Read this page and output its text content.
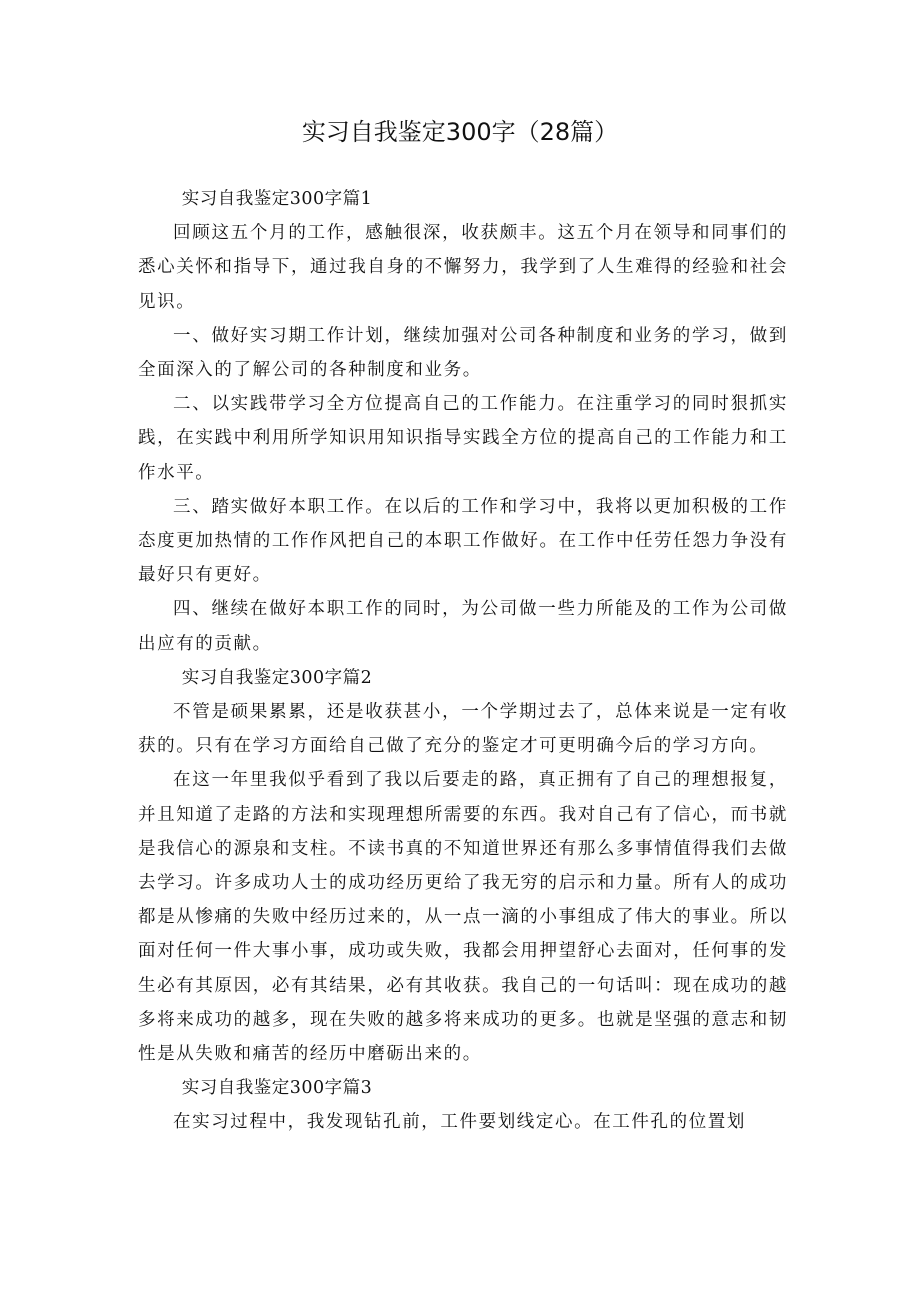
实习自我鉴定300字（28篇）

实习自我鉴定300字篇1

回顾这五个月的工作，感触很深，收获颇丰。这五个月在领导和同事们的悉心关怀和指导下，通过我自身的不懈努力，我学到了人生难得的经验和社会见识。

一、做好实习期工作计划，继续加强对公司各种制度和业务的学习，做到全面深入的了解公司的各种制度和业务。

二、以实践带学习全方位提高自己的工作能力。在注重学习的同时狠抓实践，在实践中利用所学知识用知识指导实践全方位的提高自己的工作能力和工作水平。

三、踏实做好本职工作。在以后的工作和学习中，我将以更加积极的工作态度更加热情的工作作风把自己的本职工作做好。在工作中任劳任怨力争没有最好只有更好。

四、继续在做好本职工作的同时，为公司做一些力所能及的工作为公司做出应有的贡献。

实习自我鉴定300字篇2

不管是硕果累累，还是收获甚小，一个学期过去了，总体来说是一定有收获的。只有在学习方面给自己做了充分的鉴定才可更明确今后的学习方向。

在这一年里我似乎看到了我以后要走的路，真正拥有了自己的理想报复，并且知道了走路的方法和实现理想所需要的东西。我对自己有了信心，而书就是我信心的源泉和支柱。不读书真的不知道世界还有那么多事情值得我们去做去学习。许多成功人士的成功经历更给了我无穷的启示和力量。所有人的成功都是从惨痛的失败中经历过来的，从一点一滴的小事组成了伟大的事业。所以面对任何一件大事小事，成功或失败，我都会用押望舒心去面对，任何事的发生必有其原因，必有其结果，必有其收获。我自己的一句话叫：现在成功的越多将来成功的越多，现在失败的越多将来成功的更多。也就是坚强的意志和韧性是从失败和痛苦的经历中磨砺出来的。

实习自我鉴定300字篇3

在实习过程中，我发现钻孔前，工件要划线定心。在工件孔的位置划
